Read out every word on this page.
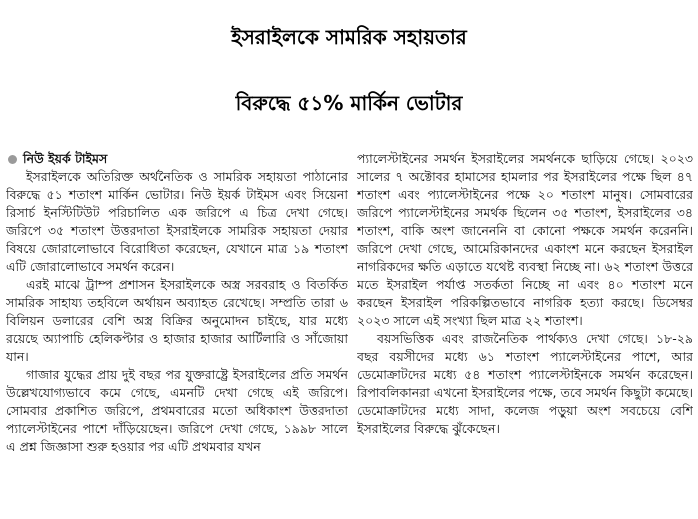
ইসরাইলকে সামরিক সহায়তার
বিরুদ্ধে ৫১% মার্কিন ভোটার
নিউ ইয়র্ক টাইমস

ইসরাইলকে অতিরিক্ত অর্থনৈতিক ও সামরিক সহায়তা পাঠানোর বিরুদ্ধে ৫১ শতাংশ মার্কিন ভোটার। নিউ ইয়র্ক টাইমস এবং সিয়েনা রিসার্চ ইনস্টিটিউট পরিচালিত এক জরিপে এ চিত্র দেখা গেছে। জরিপে ৩৫ শতাংশ উত্তরদাতা ইসরাইলকে সামরিক সহায়তা দেয়ার বিষয়ে জোরালোভাবে বিরোধিতা করেছেন, যেখানে মাত্র ১৯ শতাংশ এটি জোরালোভাবে সমর্থন করেন।

এরই মাঝে ট্রাম্প প্রশাসন ইসরাইলকে অস্ত্র সরবরাহ ও বিতর্কিত সামরিক সাহায্য তহবিলে অর্থায়ন অব্যাহত রেখেছে। সম্প্রতি তারা ৬ বিলিয়ন ডলারের বেশি অস্ত্র বিক্রির অনুমোদন চাইছে, যার মধ্যে রয়েছে অ্যাপাচি হেলিকপ্টার ও হাজার হাজার আর্টিলারি ও সাঁজোয়া যান।

গাজার যুদ্ধের প্রায় দুই বছর পর যুক্তরাষ্ট্রে ইসরাইলের প্রতি সমর্থন উল্লেখযোগ্যভাবে কমে গেছে, এমনটি দেখা গেছে এই জরিপে। সোমবার প্রকাশিত জরিপে, প্রথমবারের মতো অধিকাংশ উত্তরদাতা প্যালেস্টাইনের পাশে দাঁড়িয়েছেন। জরিপে দেখা গেছে, ১৯৯৮ সালে এ প্রশ্ন জিজ্ঞাসা শুরু হওয়ার পর এটি প্রথমবার যখন

প্যালেস্টাইনের সমর্থন ইসরাইলের সমর্থনকে ছাড়িয়ে গেছে। ২০২৩ সালের ৭ অক্টোবর হামাসের হামলার পর ইসরাইলের পক্ষে ছিল ৪৭ শতাংশ এবং প্যালেস্টাইনের পক্ষে ২০ শতাংশ মানুষ। সোমবারের জরিপে প্যালেস্টাইনের সমর্থক ছিলেন ৩৫ শতাংশ, ইসরাইলের ৩৪ শতাংশ, বাকি অংশ জানেননি বা কোনো পক্ষকে সমর্থন করেননি। জরিপে দেখা গেছে, আমেরিকানদের একাংশ মনে করছেন ইসরাইল নাগরিকদের ক্ষতি এড়াতে যথেষ্ট ব্যবস্থা নিচ্ছে না। ৬২ শতাংশ উত্তরে মতে ইসরাইল পর্যাপ্ত সতর্কতা নিচ্ছে না এবং ৪০ শতাংশ মনে করছেন ইসরাইল পরিকল্পিতভাবে নাগরিক হত্যা করছে। ডিসেম্বর ২০২৩ সালে এই সংখ্যা ছিল মাত্র ২২ শতাংশ।

বয়সভিত্তিক এবং রাজনৈতিক পার্থক্যও দেখা গেছে। ১৮-২৯ বছর বয়সীদের মধ্যে ৬১ শতাংশ প্যালেস্টাইনের পাশে, আর ডেমোক্রাটদের মধ্যে ৫৪ শতাংশ প্যালেস্টাইনকে সমর্থন করেছেন। রিপাবলিকানরা এখনো ইসরাইলের পক্ষে, তবে সমর্থন কিছুটা কমেছে। ডেমোক্রাটদের মধ্যে সাদা, কলেজ পড়ুয়া অংশ সবচেয়ে বেশি ইসরাইলের বিরুদ্ধে ঝুঁকেছেন।
